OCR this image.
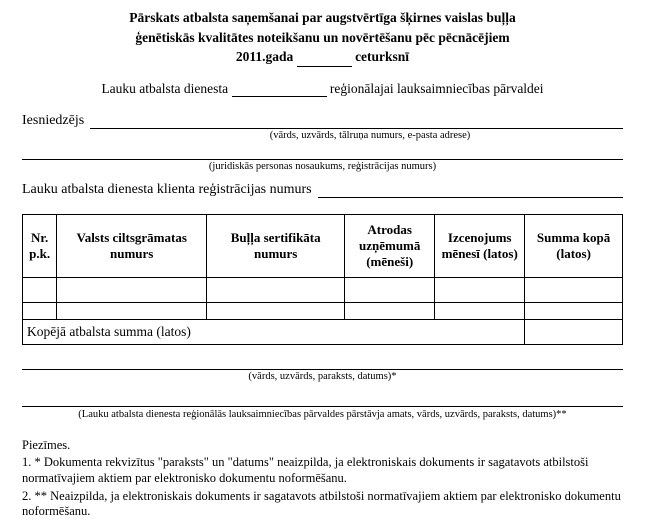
Pārskats atbalsta saņemšanai par augstvērtīga šķirnes vaislas buļļa
ģenētiskās kvalitātes noteikšanu un novērtēšanu pēc pēcnācējiem
2011.gada	ceturksnī
Lauku atbalsta dienesta	reģionālajai lauksaimniecības pārvaldei
Iesniedzējs
(vārds, uzvārds, tālruņa numurs, e-pasta adrese)
(juridiskās personas nosaukums, reģistrācijas numurs)
Lauku atbalsta dienesta klienta reģistrācijas numurs
Nr. p.k.	Valsts ciltsgrāmatas numurs	Buļļa sertifikāta numurs	Atrodas uzņēmumā (mēneši)	Izcenojums mēnesī (latos)	Summa kopā (latos)

Kopējā atbalsta summa (latos)					
(vārds, uzvārds, paraksts, datums)*
(Lauku atbalsta dienesta reģionālās lauksaimniecības pārvaldes pārstāvja amats, vārds, uzvārds, paraksts, datums)**

Piezīmes.

1. * Dokumenta rekvizītus "paraksts" un "datums" neaizpilda, ja elektroniskais dokuments ir sagatavots atbilstoši normatīvajiem aktiem par elektronisko dokumentu noformēšanu.

2. ** Neaizpilda, ja elektroniskais dokuments ir sagatavots atbilstoši normatīvajiem aktiem par elektronisko dokumentu noformēšanu.
